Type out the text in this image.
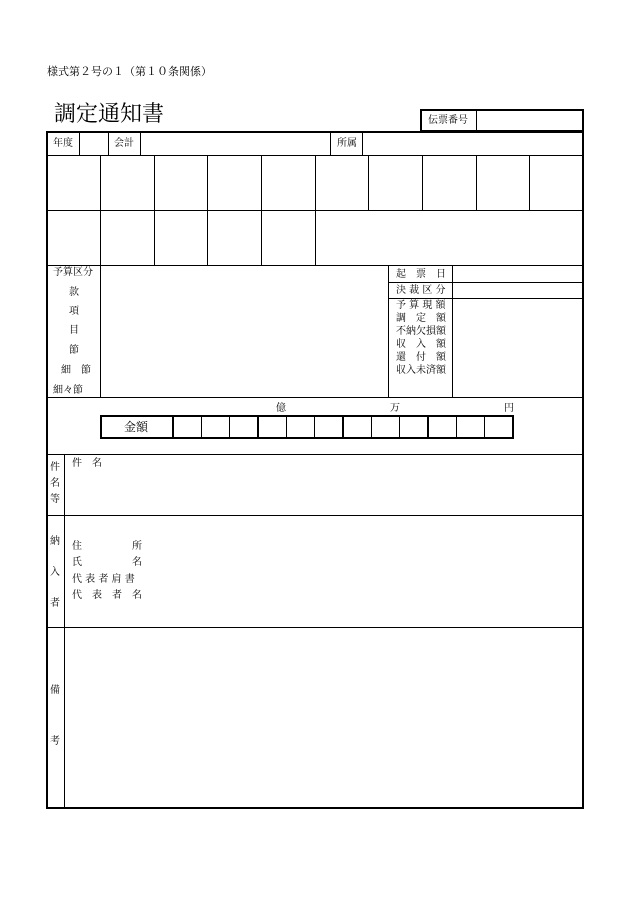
様式第２号の１（第１０条関係）
調定通知書	伝票番号
年度	会計	所属
予算区分
款
項
目
節
細　節
細々節
起　票　日
決 裁 区 分
予 算 現 額
調　定　額
不納欠損額
収　入　額
還　付　額
収入未済額
億	万	円
金額
件
名
等
件　名
納
入
者
住　　　　　所
氏　　　　　名
代 表 者 肩 書
代　表　者　名
備
考
